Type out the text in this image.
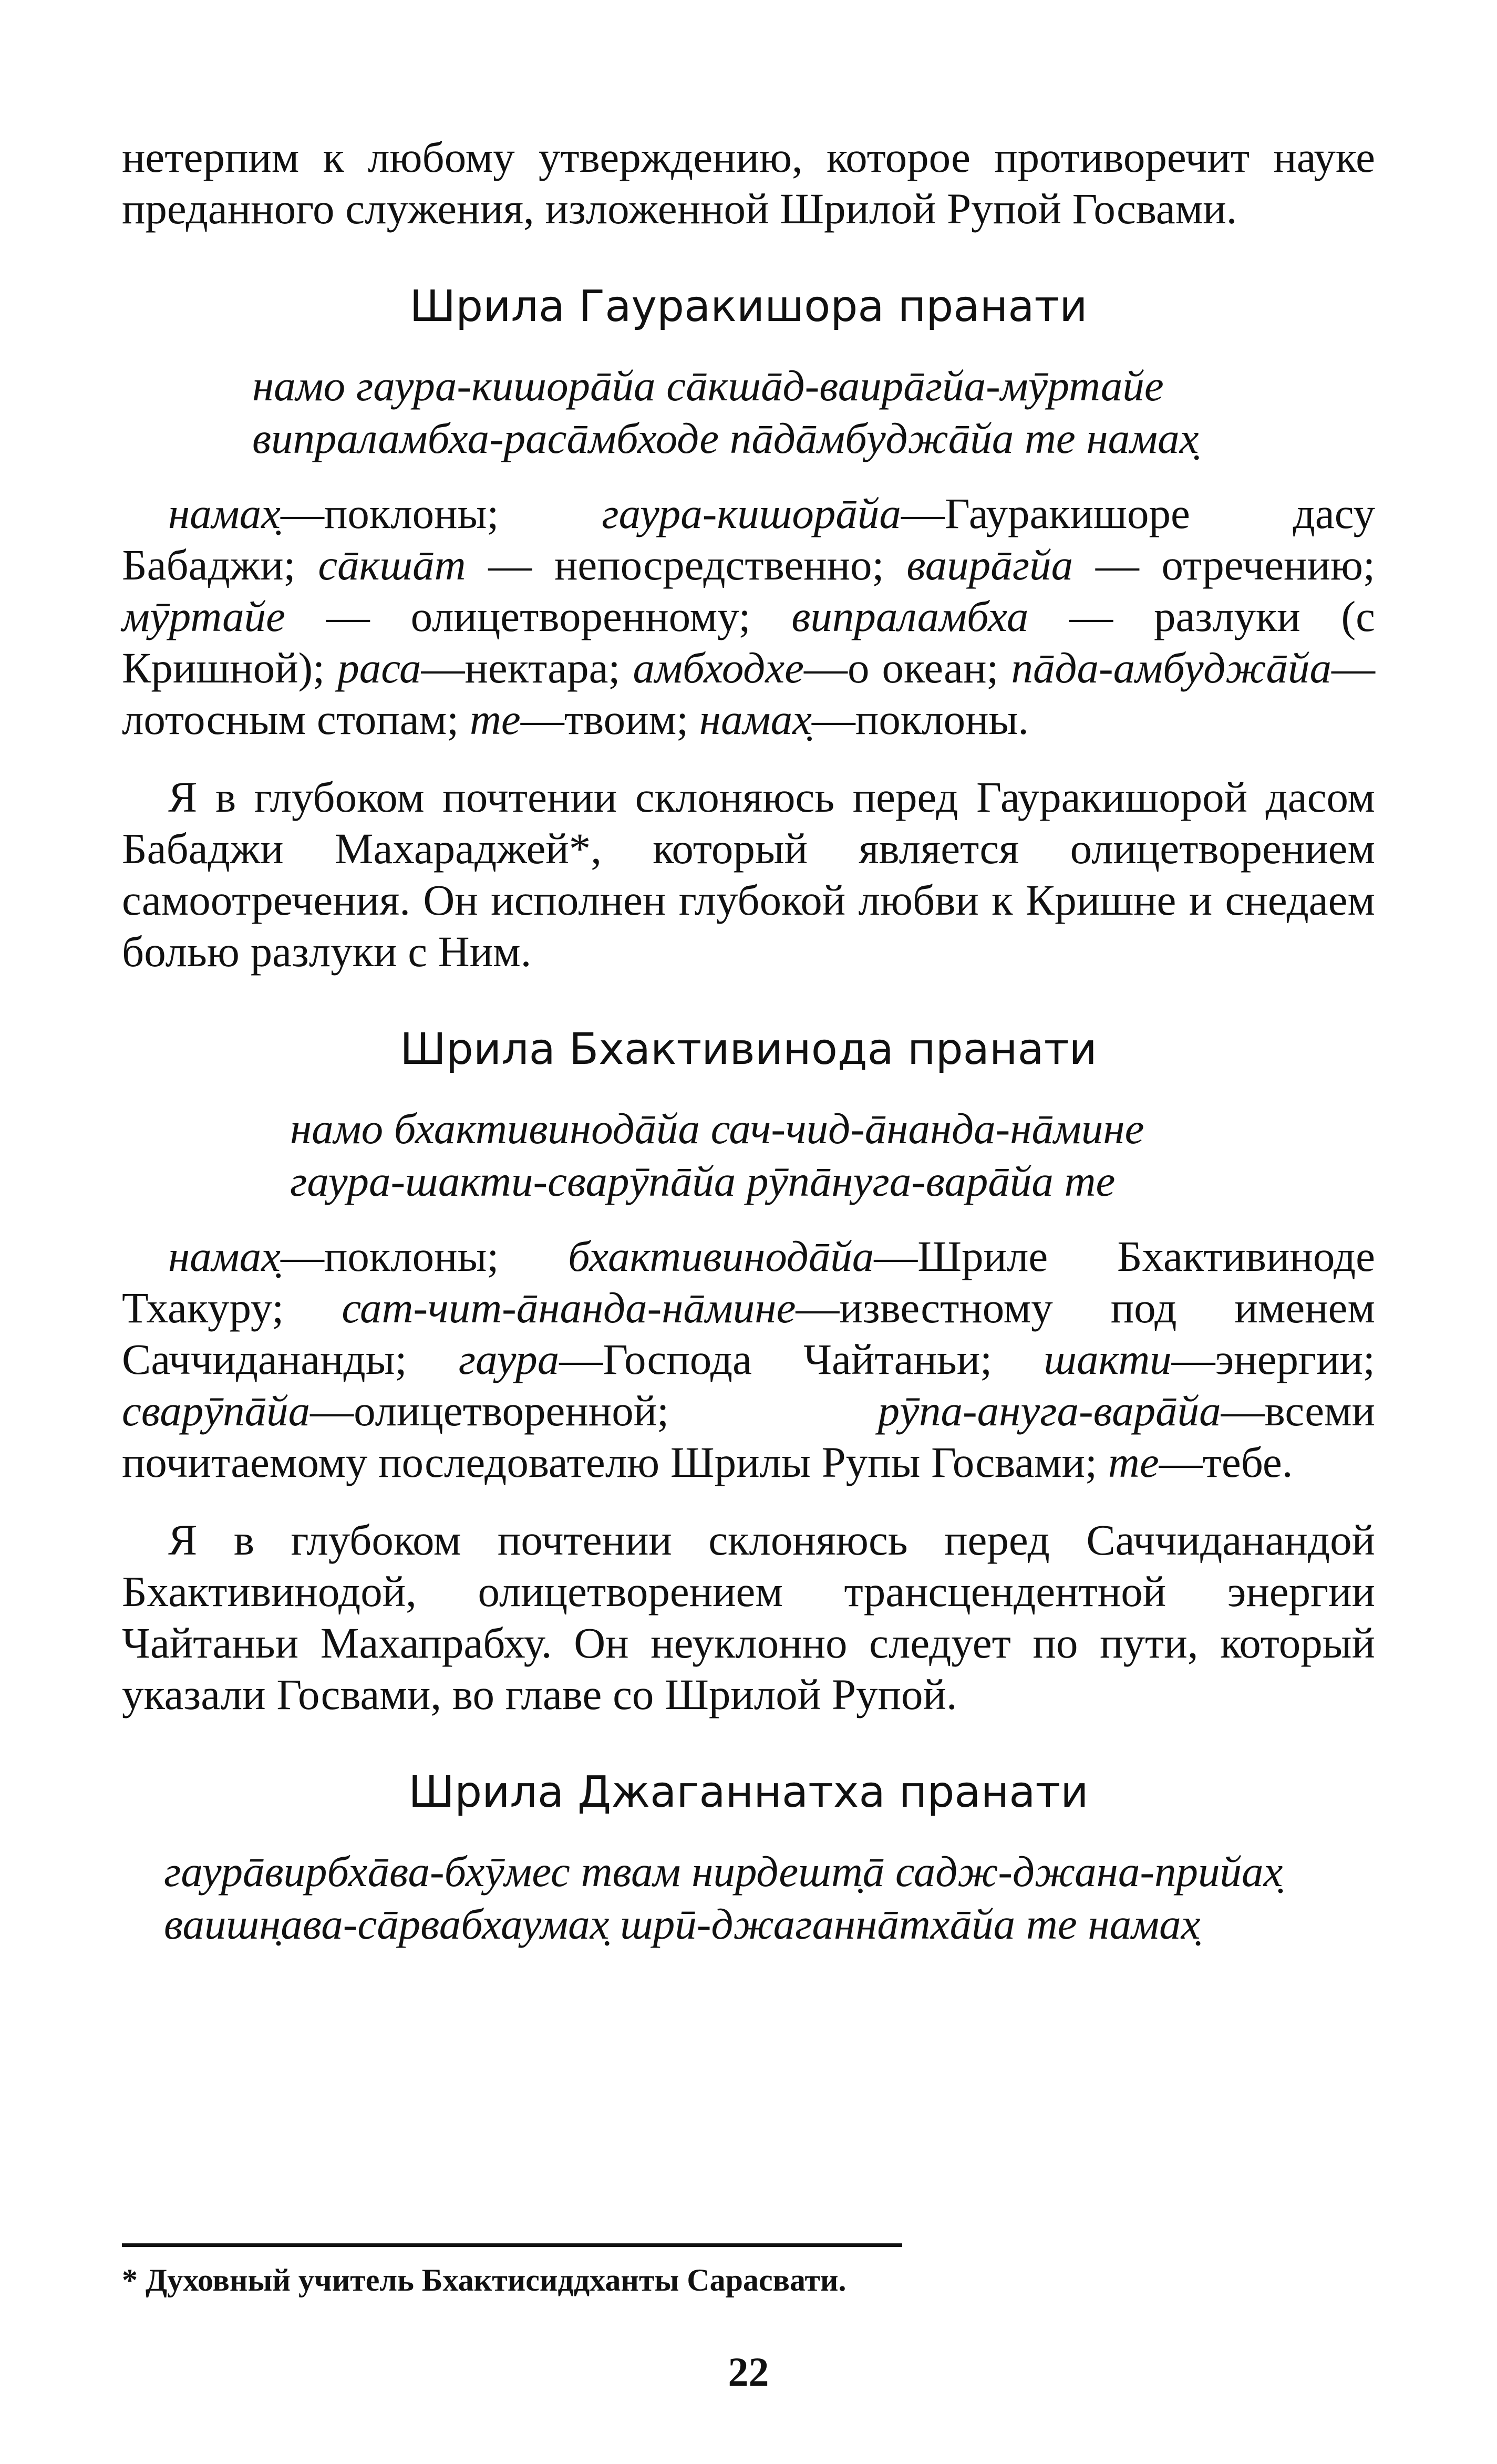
нетерпим к любому утверждению, которое противоречит науке преданного служения, изложенной Шрилой Рупой Госвами.

Шрила Гауракишора пранати
намо гаура-кишорāйа сāкшāд-ваирāгйа-мӯртайе
випраламбха-расāмбходе пāдāмбуджāйа те намах̣

намах̣—поклоны; гаура-кишорāйа—Гауракишоре дасу Бабаджи; сāкшāт — непосредственно; ваирāгйа — отречению; мӯртайе — олицетворенному; випраламбха — разлуки (с Кришной); раса—нектара; амбходхе—о океан; пāда-амбуджāйа—лотосным стопам; те—твоим; намах̣—поклоны.

Я в глубоком почтении склоняюсь перед Гауракишорой дасом Бабаджи Махараджей*, который является олицетворением самоотречения. Он исполнен глубокой любви к Кришне и снедаем болью разлуки с Ним.

Шрила Бхактивинода пранати
намо бхактивинодāйа сач-чид-āнанда-нāмине
гаура-шакти-сварӯпāйа рӯпāнуга-варāйа те

намах̣—поклоны; бхактивинодāйа—Шриле Бхактивиноде Тхакуру; сат-чит-āнанда-нāмине—известному под именем Саччидананды; гаура—Господа Чайтаньи; шакти—энергии; сварӯпāйа—олицетворенной; рӯпа-ануга-варāйа—всеми почитаемому последователю Шрилы Рупы Госвами; те—тебе.

Я в глубоком почтении склоняюсь перед Саччиданандой Бхактивинодой, олицетворением трансцендентной энергии Чайтаньи Махапрабху. Он неуклонно следует по пути, который указали Госвами, во главе со Шрилой Рупой.

Шрила Джаганнатха пранати
гаурāвирбхāва-бхӯмес твам нирдешт̣ā садж-джана-прийах̣
ваишн̣ава-сāрвабхаумах̣ шрӣ-джаганнāтхāйа те намах̣
* Духовный учитель Бхактисиддханты Сарасвати.
22
